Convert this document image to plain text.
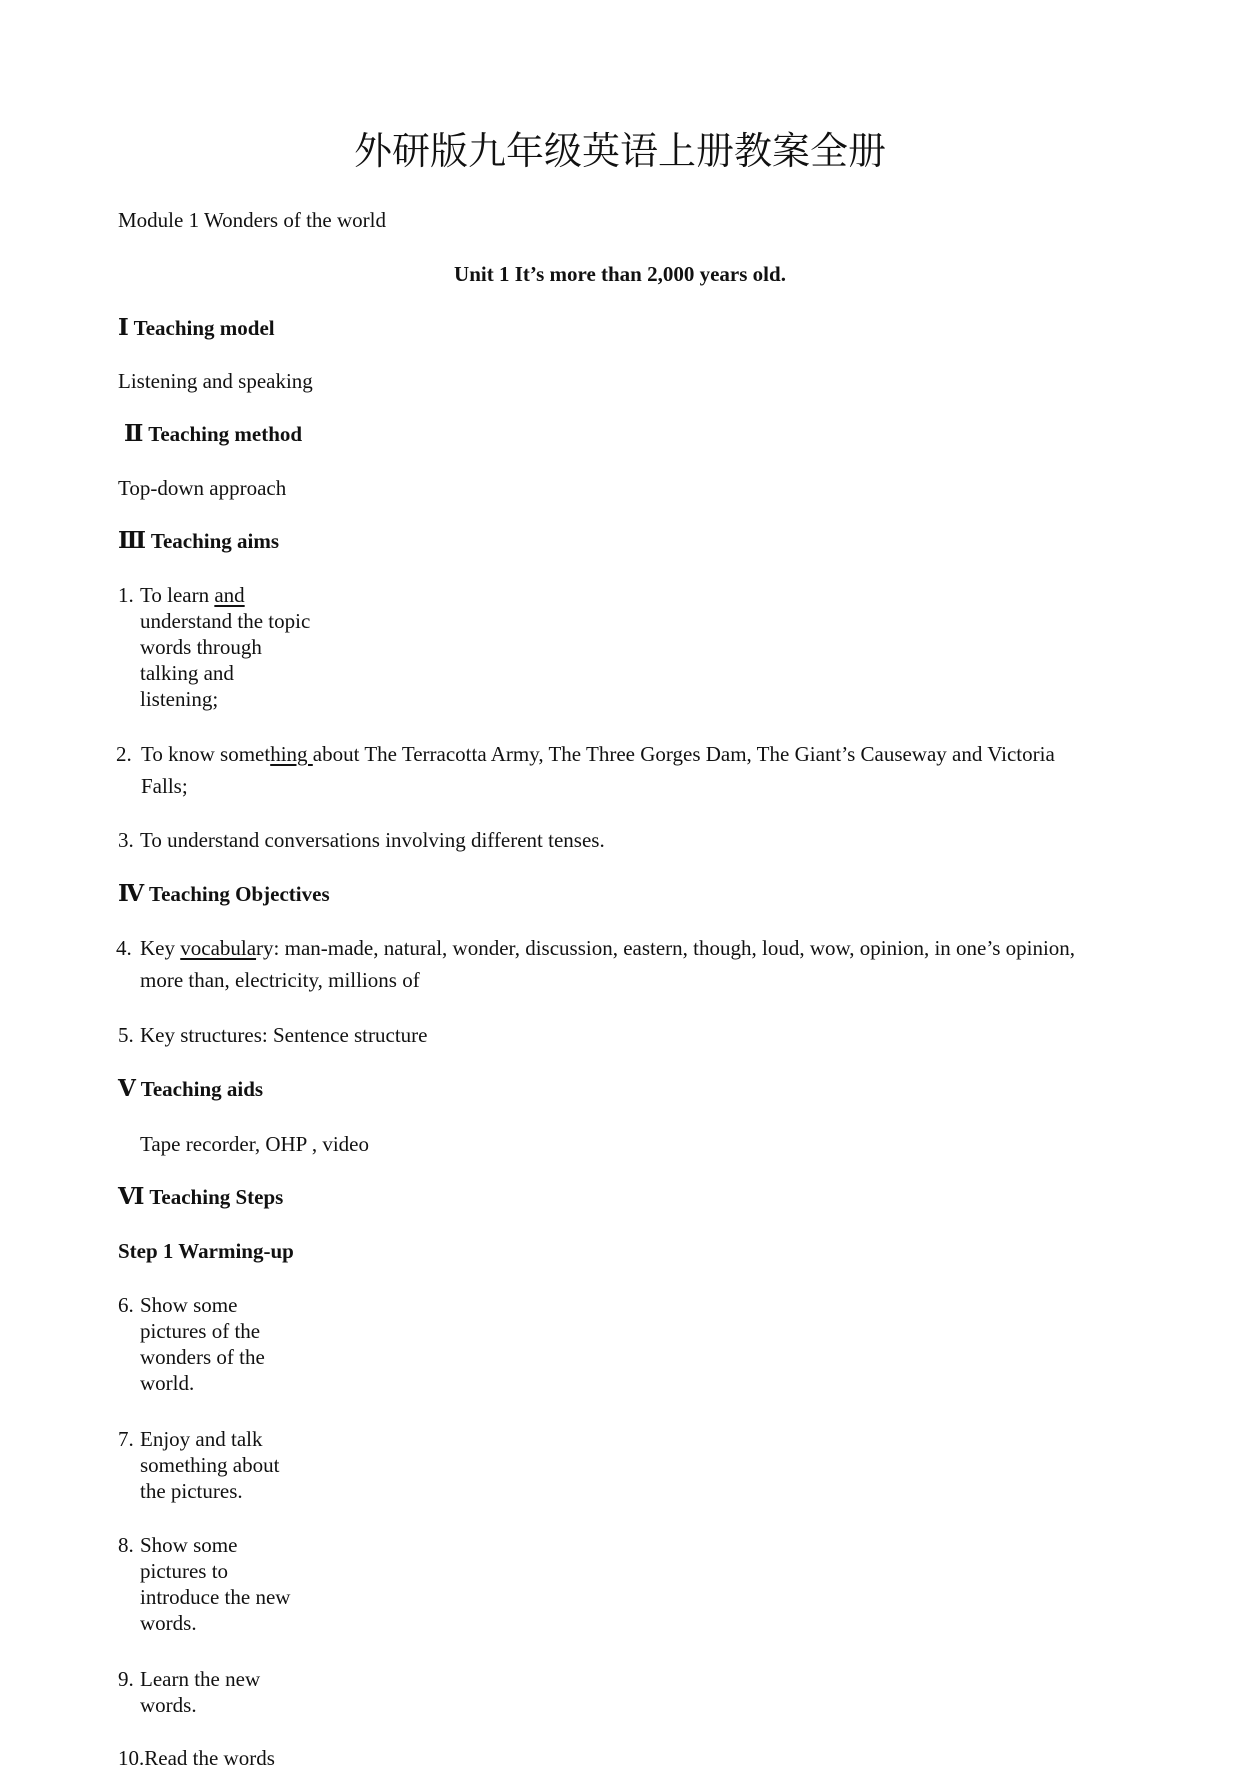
外研版九年级英语上册教案全册
Module 1 Wonders of the world
Unit 1 It’s more than 2,000 years old.
Ⅰ Teaching model
Listening and speaking
Ⅱ Teaching method
Top-down approach
Ⅲ Teaching aims
1. To learn and
understand the topic
words through
talking and
listening;
2. To know something about The Terracotta Army, The Three Gorges Dam, The Giant’s Causeway and Victoria
Falls;
3. To understand conversations involving different tenses.
Ⅳ Teaching Objectives
4. Key vocabulary: man-made, natural, wonder, discussion, eastern, though, loud, wow, opinion, in one’s opinion,
more than, electricity, millions of
5. Key structures: Sentence structure
Ⅴ Teaching aids
Tape recorder, OHP , video
Ⅵ Teaching Steps
Step 1 Warming-up
6. Show some
pictures of the
wonders of the
world.
7. Enjoy and talk
something about
the pictures.
8. Show some
pictures to
introduce the new
words.
9. Learn the new
words.
10.Read the words
